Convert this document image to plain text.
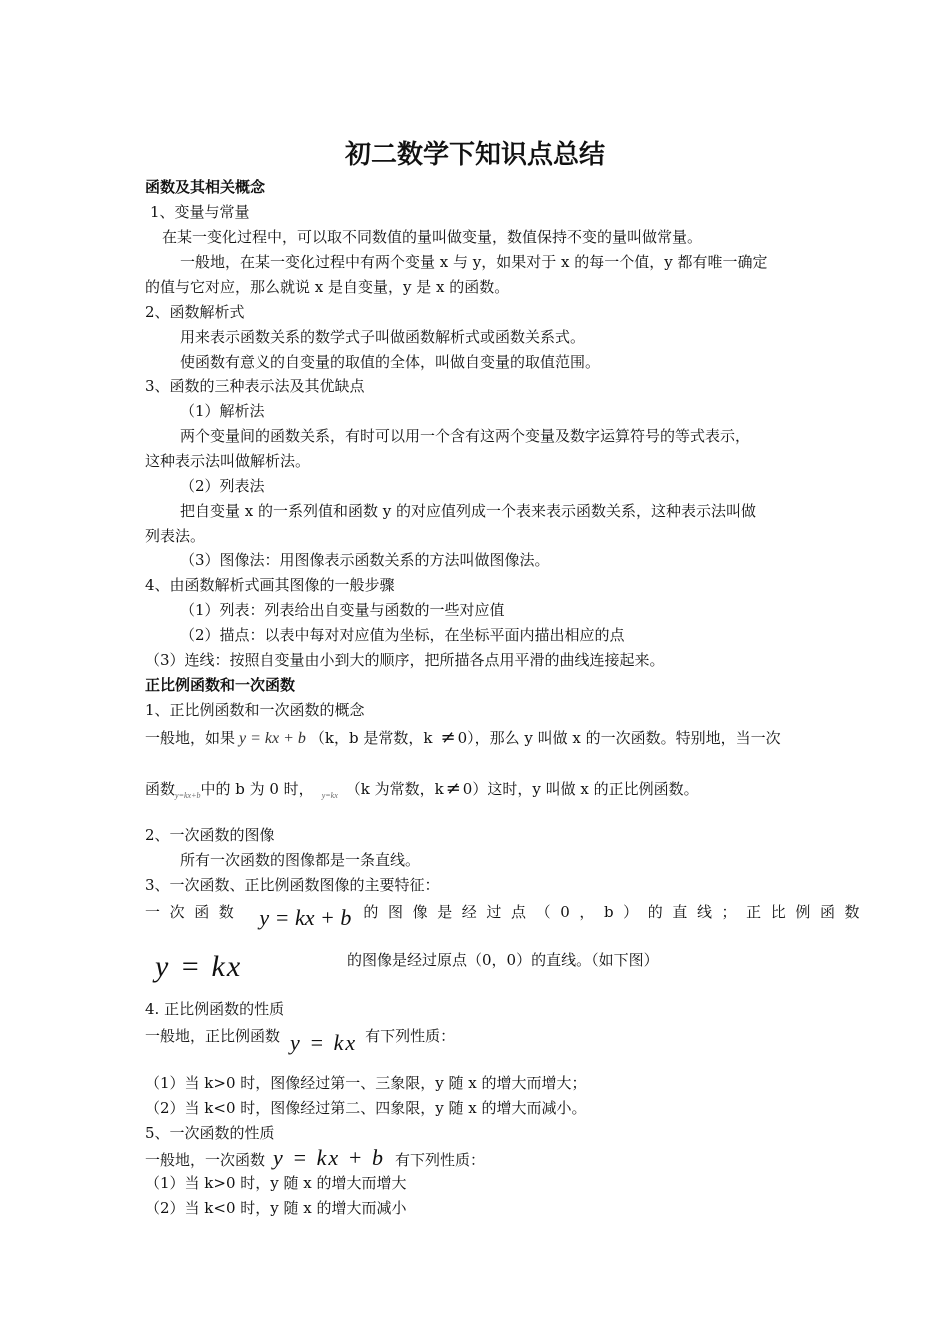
初二数学下知识点总结
函数及其相关概念
1、变量与常量
在某一变化过程中，可以取不同数值的量叫做变量，数值保持不变的量叫做常量。
一般地，在某一变化过程中有两个变量 x 与 y，如果对于 x 的每一个值，y 都有唯一确定
的值与它对应，那么就说 x 是自变量，y 是 x 的函数。
2、函数解析式
用来表示函数关系的数学式子叫做函数解析式或函数关系式。
使函数有意义的自变量的取值的全体，叫做自变量的取值范围。
3、函数的三种表示法及其优缺点
（1）解析法
两个变量间的函数关系，有时可以用一个含有这两个变量及数字运算符号的等式表示，
这种表示法叫做解析法。
（2）列表法
把自变量 x 的一系列值和函数 y 的对应值列成一个表来表示函数关系，这种表示法叫做
列表法。
（3）图像法：用图像表示函数关系的方法叫做图像法。
4、由函数解析式画其图像的一般步骤
（1）列表：列表给出自变量与函数的一些对应值
（2）描点：以表中每对对应值为坐标，在坐标平面内描出相应的点
（3）连线：按照自变量由小到大的顺序，把所描各点用平滑的曲线连接起来。
正比例函数和一次函数
1、正比例函数和一次函数的概念
一般地，如果 y = kx + b （k，b 是常数，k ≠ 0），那么 y 叫做 x 的一次函数。特别地，当一次
函数$_{y=kx+b}$中的 b 为 0 时， $_{y=kx}$ （k 为常数，k ≠ 0）这时，y 叫做 x 的正比例函数。
2、一次函数的图像
所有一次函数的图像都是一条直线。
3、一次函数、正比例函数图像的主要特征：
一次函数 y = kx + b 的图像是经过点（0，b）的直线；正比例函数
y = kx	的图像是经过原点（0，0）的直线。（如下图）
4. 正比例函数的性质
一般地，正比例函数 y = kx 有下列性质：
（1）当 k>0 时，图像经过第一、三象限，y 随 x 的增大而增大；
（2）当 k<0 时，图像经过第二、四象限，y 随 x 的增大而减小。
5、一次函数的性质
一般地，一次函数 y = kx + b 有下列性质：
（1）当 k>0 时，y 随 x 的增大而增大
（2）当 k<0 时，y 随 x 的增大而减小
